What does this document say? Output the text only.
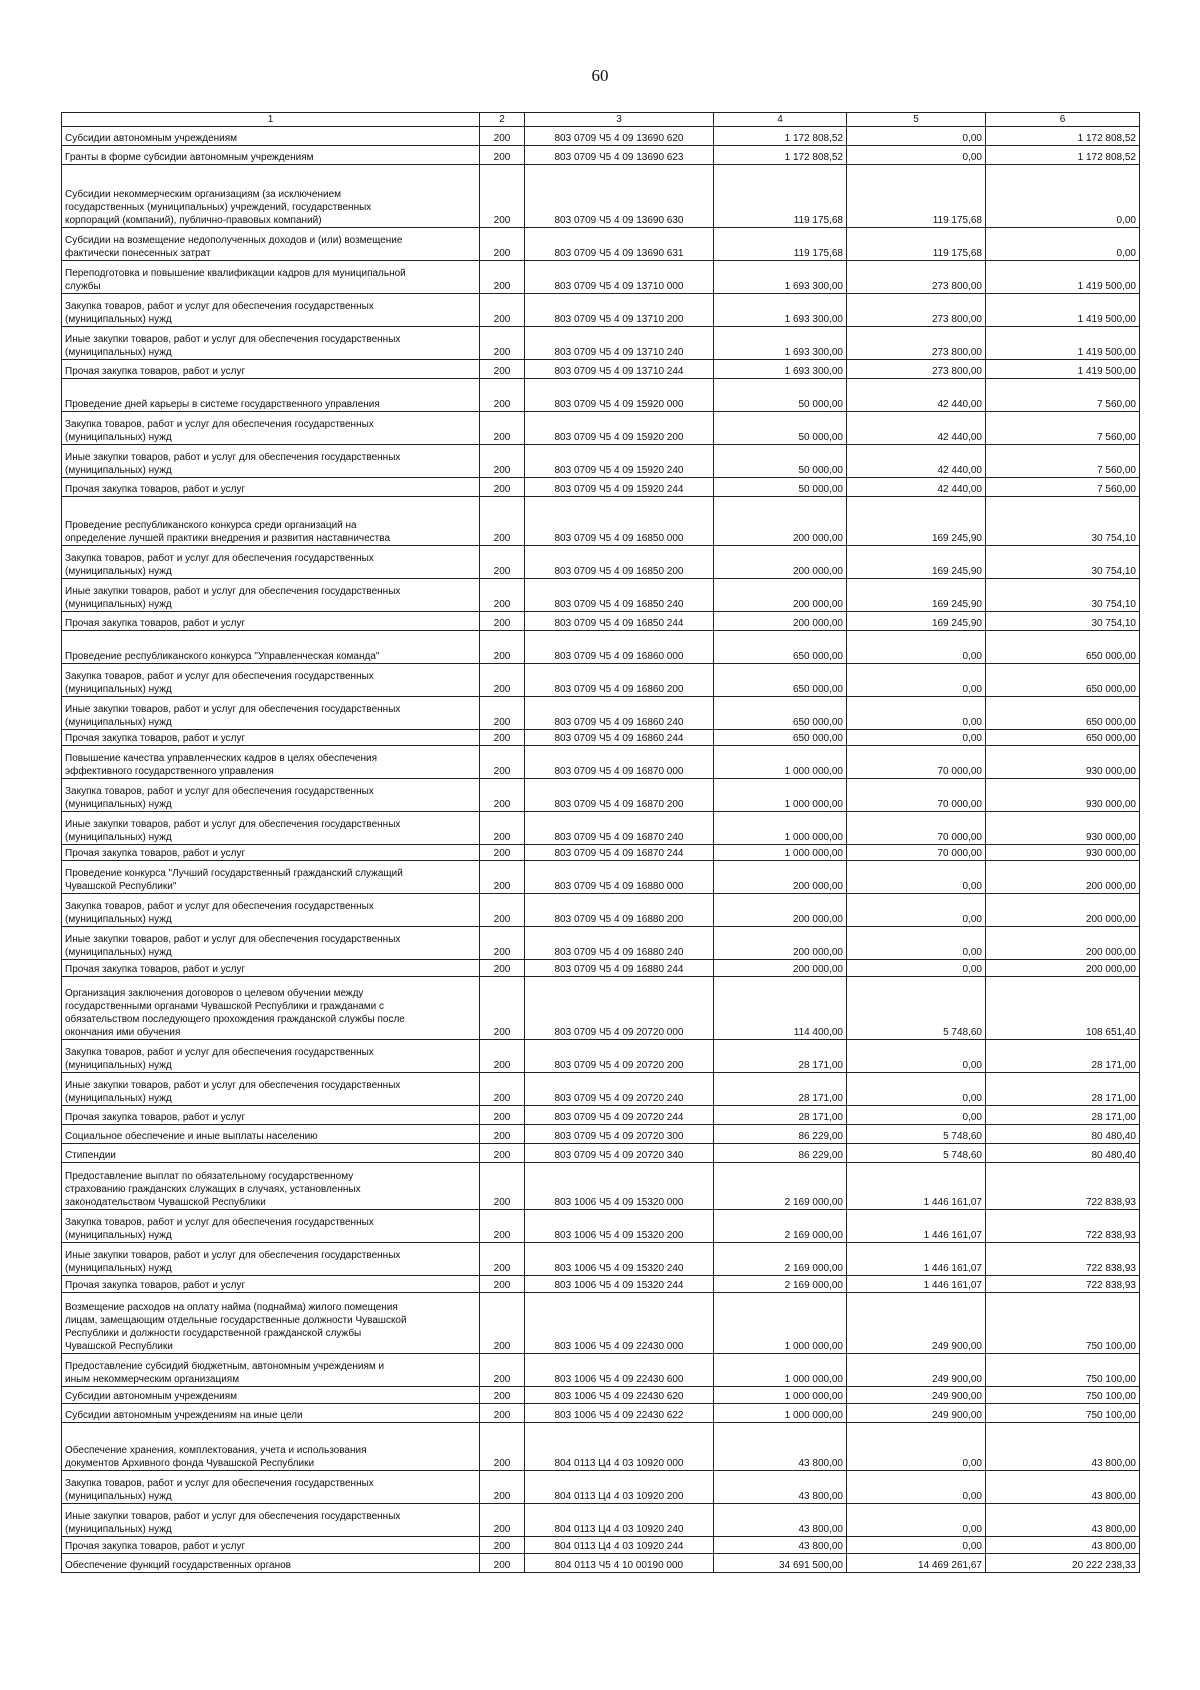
60
1	2	3	4	5	6
Субсидии автономным учреждениям	200	803 0709 Ч5 4 09 13690 620	1 172 808,52	0,00	1 172 808,52
Гранты в форме субсидии автономным учреждениям	200	803 0709 Ч5 4 09 13690 623	1 172 808,52	0,00	1 172 808,52
Субсидии некоммерческим организациям (за исключением
государственных (муниципальных) учреждений, государственных
корпораций (компаний), публично-правовых компаний)	200	803 0709 Ч5 4 09 13690 630	119 175,68	119 175,68	0,00
Субсидии на возмещение недополученных доходов и (или) возмещение
фактически понесенных затрат	200	803 0709 Ч5 4 09 13690 631	119 175,68	119 175,68	0,00
Переподготовка и повышение квалификации кадров для муниципальной
службы	200	803 0709 Ч5 4 09 13710 000	1 693 300,00	273 800,00	1 419 500,00
Закупка товаров, работ и услуг для обеспечения государственных
(муниципальных) нужд	200	803 0709 Ч5 4 09 13710 200	1 693 300,00	273 800,00	1 419 500,00
Иные закупки товаров, работ и услуг для обеспечения государственных
(муниципальных) нужд	200	803 0709 Ч5 4 09 13710 240	1 693 300,00	273 800,00	1 419 500,00
Прочая закупка товаров, работ и услуг	200	803 0709 Ч5 4 09 13710 244	1 693 300,00	273 800,00	1 419 500,00
Проведение дней карьеры в системе государственного управления	200	803 0709 Ч5 4 09 15920 000	50 000,00	42 440,00	7 560,00
Закупка товаров, работ и услуг для обеспечения государственных
(муниципальных) нужд	200	803 0709 Ч5 4 09 15920 200	50 000,00	42 440,00	7 560,00
Иные закупки товаров, работ и услуг для обеспечения государственных
(муниципальных) нужд	200	803 0709 Ч5 4 09 15920 240	50 000,00	42 440,00	7 560,00
Прочая закупка товаров, работ и услуг	200	803 0709 Ч5 4 09 15920 244	50 000,00	42 440,00	7 560,00
Проведение республиканского конкурса среди организаций на
определение лучшей практики внедрения и развития наставничества	200	803 0709 Ч5 4 09 16850 000	200 000,00	169 245,90	30 754,10
Закупка товаров, работ и услуг для обеспечения государственных
(муниципальных) нужд	200	803 0709 Ч5 4 09 16850 200	200 000,00	169 245,90	30 754,10
Иные закупки товаров, работ и услуг для обеспечения государственных
(муниципальных) нужд	200	803 0709 Ч5 4 09 16850 240	200 000,00	169 245,90	30 754,10
Прочая закупка товаров, работ и услуг	200	803 0709 Ч5 4 09 16850 244	200 000,00	169 245,90	30 754,10
Проведение республиканского конкурса "Управленческая команда"	200	803 0709 Ч5 4 09 16860 000	650 000,00	0,00	650 000,00
Закупка товаров, работ и услуг для обеспечения государственных
(муниципальных) нужд	200	803 0709 Ч5 4 09 16860 200	650 000,00	0,00	650 000,00
Иные закупки товаров, работ и услуг для обеспечения государственных
(муниципальных) нужд	200	803 0709 Ч5 4 09 16860 240	650 000,00	0,00	650 000,00
Прочая закупка товаров, работ и услуг	200	803 0709 Ч5 4 09 16860 244	650 000,00	0,00	650 000,00
Повышение качества управленческих кадров в целях обеспечения
эффективного государственного управления	200	803 0709 Ч5 4 09 16870 000	1 000 000,00	70 000,00	930 000,00
Закупка товаров, работ и услуг для обеспечения государственных
(муниципальных) нужд	200	803 0709 Ч5 4 09 16870 200	1 000 000,00	70 000,00	930 000,00
Иные закупки товаров, работ и услуг для обеспечения государственных
(муниципальных) нужд	200	803 0709 Ч5 4 09 16870 240	1 000 000,00	70 000,00	930 000,00
Прочая закупка товаров, работ и услуг	200	803 0709 Ч5 4 09 16870 244	1 000 000,00	70 000,00	930 000,00
Проведение конкурса "Лучший государственный гражданский служащий
Чувашской Республики"	200	803 0709 Ч5 4 09 16880 000	200 000,00	0,00	200 000,00
Закупка товаров, работ и услуг для обеспечения государственных
(муниципальных) нужд	200	803 0709 Ч5 4 09 16880 200	200 000,00	0,00	200 000,00
Иные закупки товаров, работ и услуг для обеспечения государственных
(муниципальных) нужд	200	803 0709 Ч5 4 09 16880 240	200 000,00	0,00	200 000,00
Прочая закупка товаров, работ и услуг	200	803 0709 Ч5 4 09 16880 244	200 000,00	0,00	200 000,00
Организация заключения договоров о целевом обучении между
государственными органами Чувашской Республики и гражданами с
обязательством последующего прохождения гражданской службы после
окончания ими обучения	200	803 0709 Ч5 4 09 20720 000	114 400,00	5 748,60	108 651,40
Закупка товаров, работ и услуг для обеспечения государственных
(муниципальных) нужд	200	803 0709 Ч5 4 09 20720 200	28 171,00	0,00	28 171,00
Иные закупки товаров, работ и услуг для обеспечения государственных
(муниципальных) нужд	200	803 0709 Ч5 4 09 20720 240	28 171,00	0,00	28 171,00
Прочая закупка товаров, работ и услуг	200	803 0709 Ч5 4 09 20720 244	28 171,00	0,00	28 171,00
Социальное обеспечение и иные выплаты населению	200	803 0709 Ч5 4 09 20720 300	86 229,00	5 748,60	80 480,40
Стипендии	200	803 0709 Ч5 4 09 20720 340	86 229,00	5 748,60	80 480,40
Предоставление выплат по обязательному государственному
страхованию гражданских служащих в случаях, установленных
законодательством Чувашской Республики	200	803 1006 Ч5 4 09 15320 000	2 169 000,00	1 446 161,07	722 838,93
Закупка товаров, работ и услуг для обеспечения государственных
(муниципальных) нужд	200	803 1006 Ч5 4 09 15320 200	2 169 000,00	1 446 161,07	722 838,93
Иные закупки товаров, работ и услуг для обеспечения государственных
(муниципальных) нужд	200	803 1006 Ч5 4 09 15320 240	2 169 000,00	1 446 161,07	722 838,93
Прочая закупка товаров, работ и услуг	200	803 1006 Ч5 4 09 15320 244	2 169 000,00	1 446 161,07	722 838,93
Возмещение расходов на оплату найма (поднайма) жилого помещения
лицам, замещающим отдельные государственные должности Чувашской
Республики и должности государственной гражданской службы
Чувашской Республики	200	803 1006 Ч5 4 09 22430 000	1 000 000,00	249 900,00	750 100,00
Предоставление субсидий бюджетным, автономным учреждениям и
иным некоммерческим организациям	200	803 1006 Ч5 4 09 22430 600	1 000 000,00	249 900,00	750 100,00
Субсидии автономным учреждениям	200	803 1006 Ч5 4 09 22430 620	1 000 000,00	249 900,00	750 100,00
Субсидии автономным учреждениям на иные цели	200	803 1006 Ч5 4 09 22430 622	1 000 000,00	249 900,00	750 100,00
Обеспечение хранения, комплектования, учета и использования
документов Архивного фонда Чувашской Республики	200	804 0113 Ц4 4 03 10920 000	43 800,00	0,00	43 800,00
Закупка товаров, работ и услуг для обеспечения государственных
(муниципальных) нужд	200	804 0113 Ц4 4 03 10920 200	43 800,00	0,00	43 800,00
Иные закупки товаров, работ и услуг для обеспечения государственных
(муниципальных) нужд	200	804 0113 Ц4 4 03 10920 240	43 800,00	0,00	43 800,00
Прочая закупка товаров, работ и услуг	200	804 0113 Ц4 4 03 10920 244	43 800,00	0,00	43 800,00
Обеспечение функций государственных органов	200	804 0113 Ч5 4 10 00190 000	34 691 500,00	14 469 261,67	20 222 238,33
